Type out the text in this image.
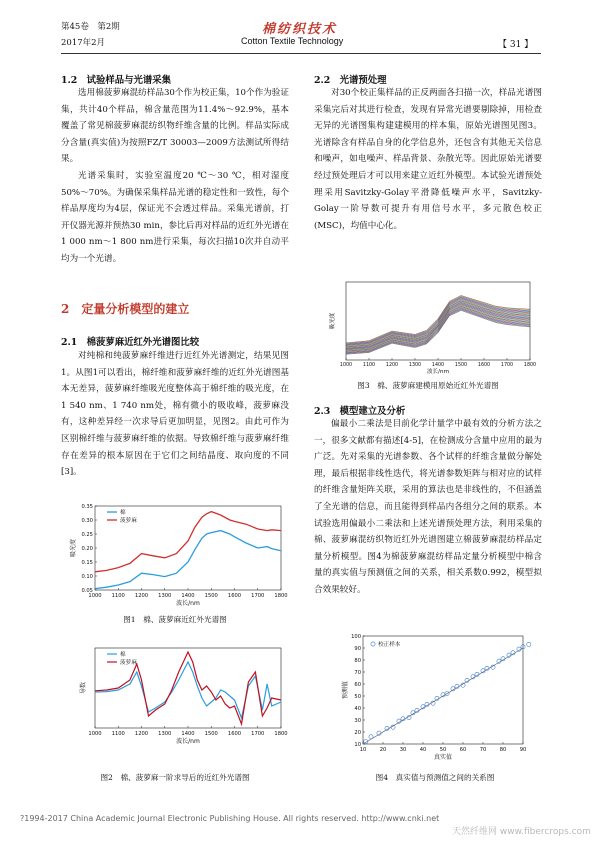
第45卷　第2期
2017年2月
棉纺织技术
Cotton Textile Technology	【 31 】
1.2　试验样品与光谱采集
选用棉菠萝麻混纺样品30个作为校正集，10个作为验证集，共计40个样品，棉含量范围为11.4%～92.9%，基本覆盖了常见棉菠萝麻混纺织物纤维含量的比例。样品实际成分含量(真实值)为按照FZ/T 30003—2009方法测试所得结果。
光谱采集时，实验室温度20 ℃～30 ℃，相对湿度50%～70%。为确保采集样品光谱的稳定性和一致性，每个样品厚度均为4层，保证光不会透过样品。采集光谱前，打开仪器光源并预热30 min，参比后再对样品的近红外光谱在1 000 nm～1 800 nm进行采集，每次扫描10次并自动平均为一个光谱。
2　定量分析模型的建立
2.1　棉菠萝麻近红外光谱图比较
对纯棉和纯菠萝麻纤维进行近红外光谱测定，结果见图1。从图1可以看出，棉纤维和菠萝麻纤维的近红外光谱图基本无差异，菠萝麻纤维吸光度整体高于棉纤维的吸光度，在1 540 nm、1 740 nm处，棉有微小的吸收峰，菠萝麻没有，这种差异经一次求导后更加明显，见图2。由此可作为区别棉纤维与菠萝麻纤维的依据。导致棉纤维与菠萝麻纤维存在差异的根本原因在于它们之间结晶度、取向度的不同[3]。
1000 1100 1200 1300 1400 1500 1600 1700 1800
0.05
0.10
0.15
0.20
0.25
0.30
0.35
棉
菠萝麻
波长/nm
吸光度
图1　棉、菠萝麻近红外光谱图
1000 1100 1200 1300 1400 1500 1600 1700 1800
棉
菠萝麻
波长/nm
导数
图2　棉、菠萝麻一阶求导后的近红外光谱图
2.2　光谱预处理
对30个校正集样品的正反两面各扫描一次，样品光谱图采集完后对其进行检查，发现有异常光谱要剔除掉，用检查无异的光谱图集构建建模用的样本集，原始光谱图见图3。光谱除含有样品自身的化学信息外，还包含有其他无关信息和噪声，如电噪声、样品背景、杂散光等。因此原始光谱要经过预处理后才可以用来建立近红外模型。本试验光谱预处理采用Savitzky-Golay平滑降低噪声水平，Savitzky-Golay一阶导数可提升有用信号水平，多元散色校正(MSC)，均值中心化。
1000 1100 1200 1300 1400 1500 1600 1700 1800
波长/nm
吸光度
图3　棉、菠萝麻建模用原始近红外光谱图
2.3　模型建立及分析
偏最小二乘法是目前化学计量学中最有效的分析方法之一，很多文献都有描述[4-5]，在检测成分含量中应用的最为广泛。先对采集的光谱参数、各个试样的纤维含量做分解处理，最后根据非线性迭代，将光谱参数矩阵与相对应的试样的纤维含量矩阵关联，采用的算法也是非线性的，不但涵盖了全光谱的信息，而且能得到样品内各组分之间的联系。本试验选用偏最小二乘法和上述光谱预处理方法，利用采集的棉、菠萝麻混纺织物近红外光谱图建立棉菠萝麻混纺样品定量分析模型。图4为棉菠萝麻混纺样品定量分析模型中棉含量的真实值与预测值之间的关系，相关系数0.992，模型拟合效果较好。
10	20	30	40	50	60	70	80	90
10
20
30
40
50
60
70
80
90
100
校正样本
真实值
预测值
图4　真实值与预测值之间的关系图
?1994-2017 China Academic Journal Electronic Publishing House. All rights reserved. http://www.cnki.net
天然纤维网 www.fibercrops.com
